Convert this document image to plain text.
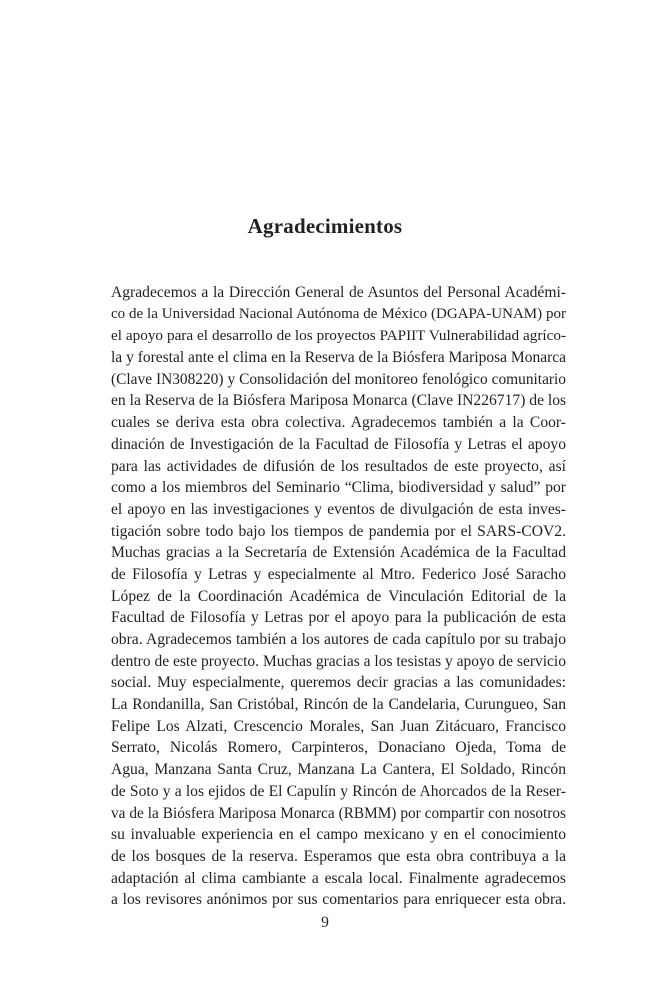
Agradecimientos
Agradecemos a la Dirección General de Asuntos del Personal Académi-
co de la Universidad Nacional Autónoma de México (DGAPA-UNAM) por
el apoyo para el desarrollo de los proyectos PAPIIT Vulnerabilidad agríco-
la y forestal ante el clima en la Reserva de la Biósfera Mariposa Monarca
(Clave IN308220) y Consolidación del monitoreo fenológico comunitario
en la Reserva de la Biósfera Mariposa Monarca (Clave IN226717) de los
cuales se deriva esta obra colectiva. Agradecemos también a la Coor-
dinación de Investigación de la Facultad de Filosofía y Letras el apoyo
para las actividades de difusión de los resultados de este proyecto, así
como a los miembros del Seminario “Clima, biodiversidad y salud” por
el apoyo en las investigaciones y eventos de divulgación de esta inves-
tigación sobre todo bajo los tiempos de pandemia por el SARS-COV2.
Muchas gracias a la Secretaría de Extensión Académica de la Facultad
de Filosofía y Letras y especialmente al Mtro. Federico José Saracho
López de la Coordinación Académica de Vinculación Editorial de la
Facultad de Filosofía y Letras por el apoyo para la publicación de esta
obra. Agradecemos también a los autores de cada capítulo por su trabajo
dentro de este proyecto. Muchas gracias a los tesistas y apoyo de servicio
social. Muy especialmente, queremos decir gracias a las comunidades:
La Rondanilla, San Cristóbal, Rincón de la Candelaria, Curungueo, San
Felipe Los Alzati, Crescencio Morales, San Juan Zitácuaro, Francisco
Serrato, Nicolás Romero, Carpinteros, Donaciano Ojeda, Toma de
Agua, Manzana Santa Cruz, Manzana La Cantera, El Soldado, Rincón
de Soto y a los ejidos de El Capulín y Rincón de Ahorcados de la Reser-
va de la Biósfera Mariposa Monarca (RBMM) por compartir con nosotros
su invaluable experiencia en el campo mexicano y en el conocimiento
de los bosques de la reserva. Esperamos que esta obra contribuya a la
adaptación al clima cambiante a escala local. Finalmente agradecemos
a los revisores anónimos por sus comentarios para enriquecer esta obra.
9
